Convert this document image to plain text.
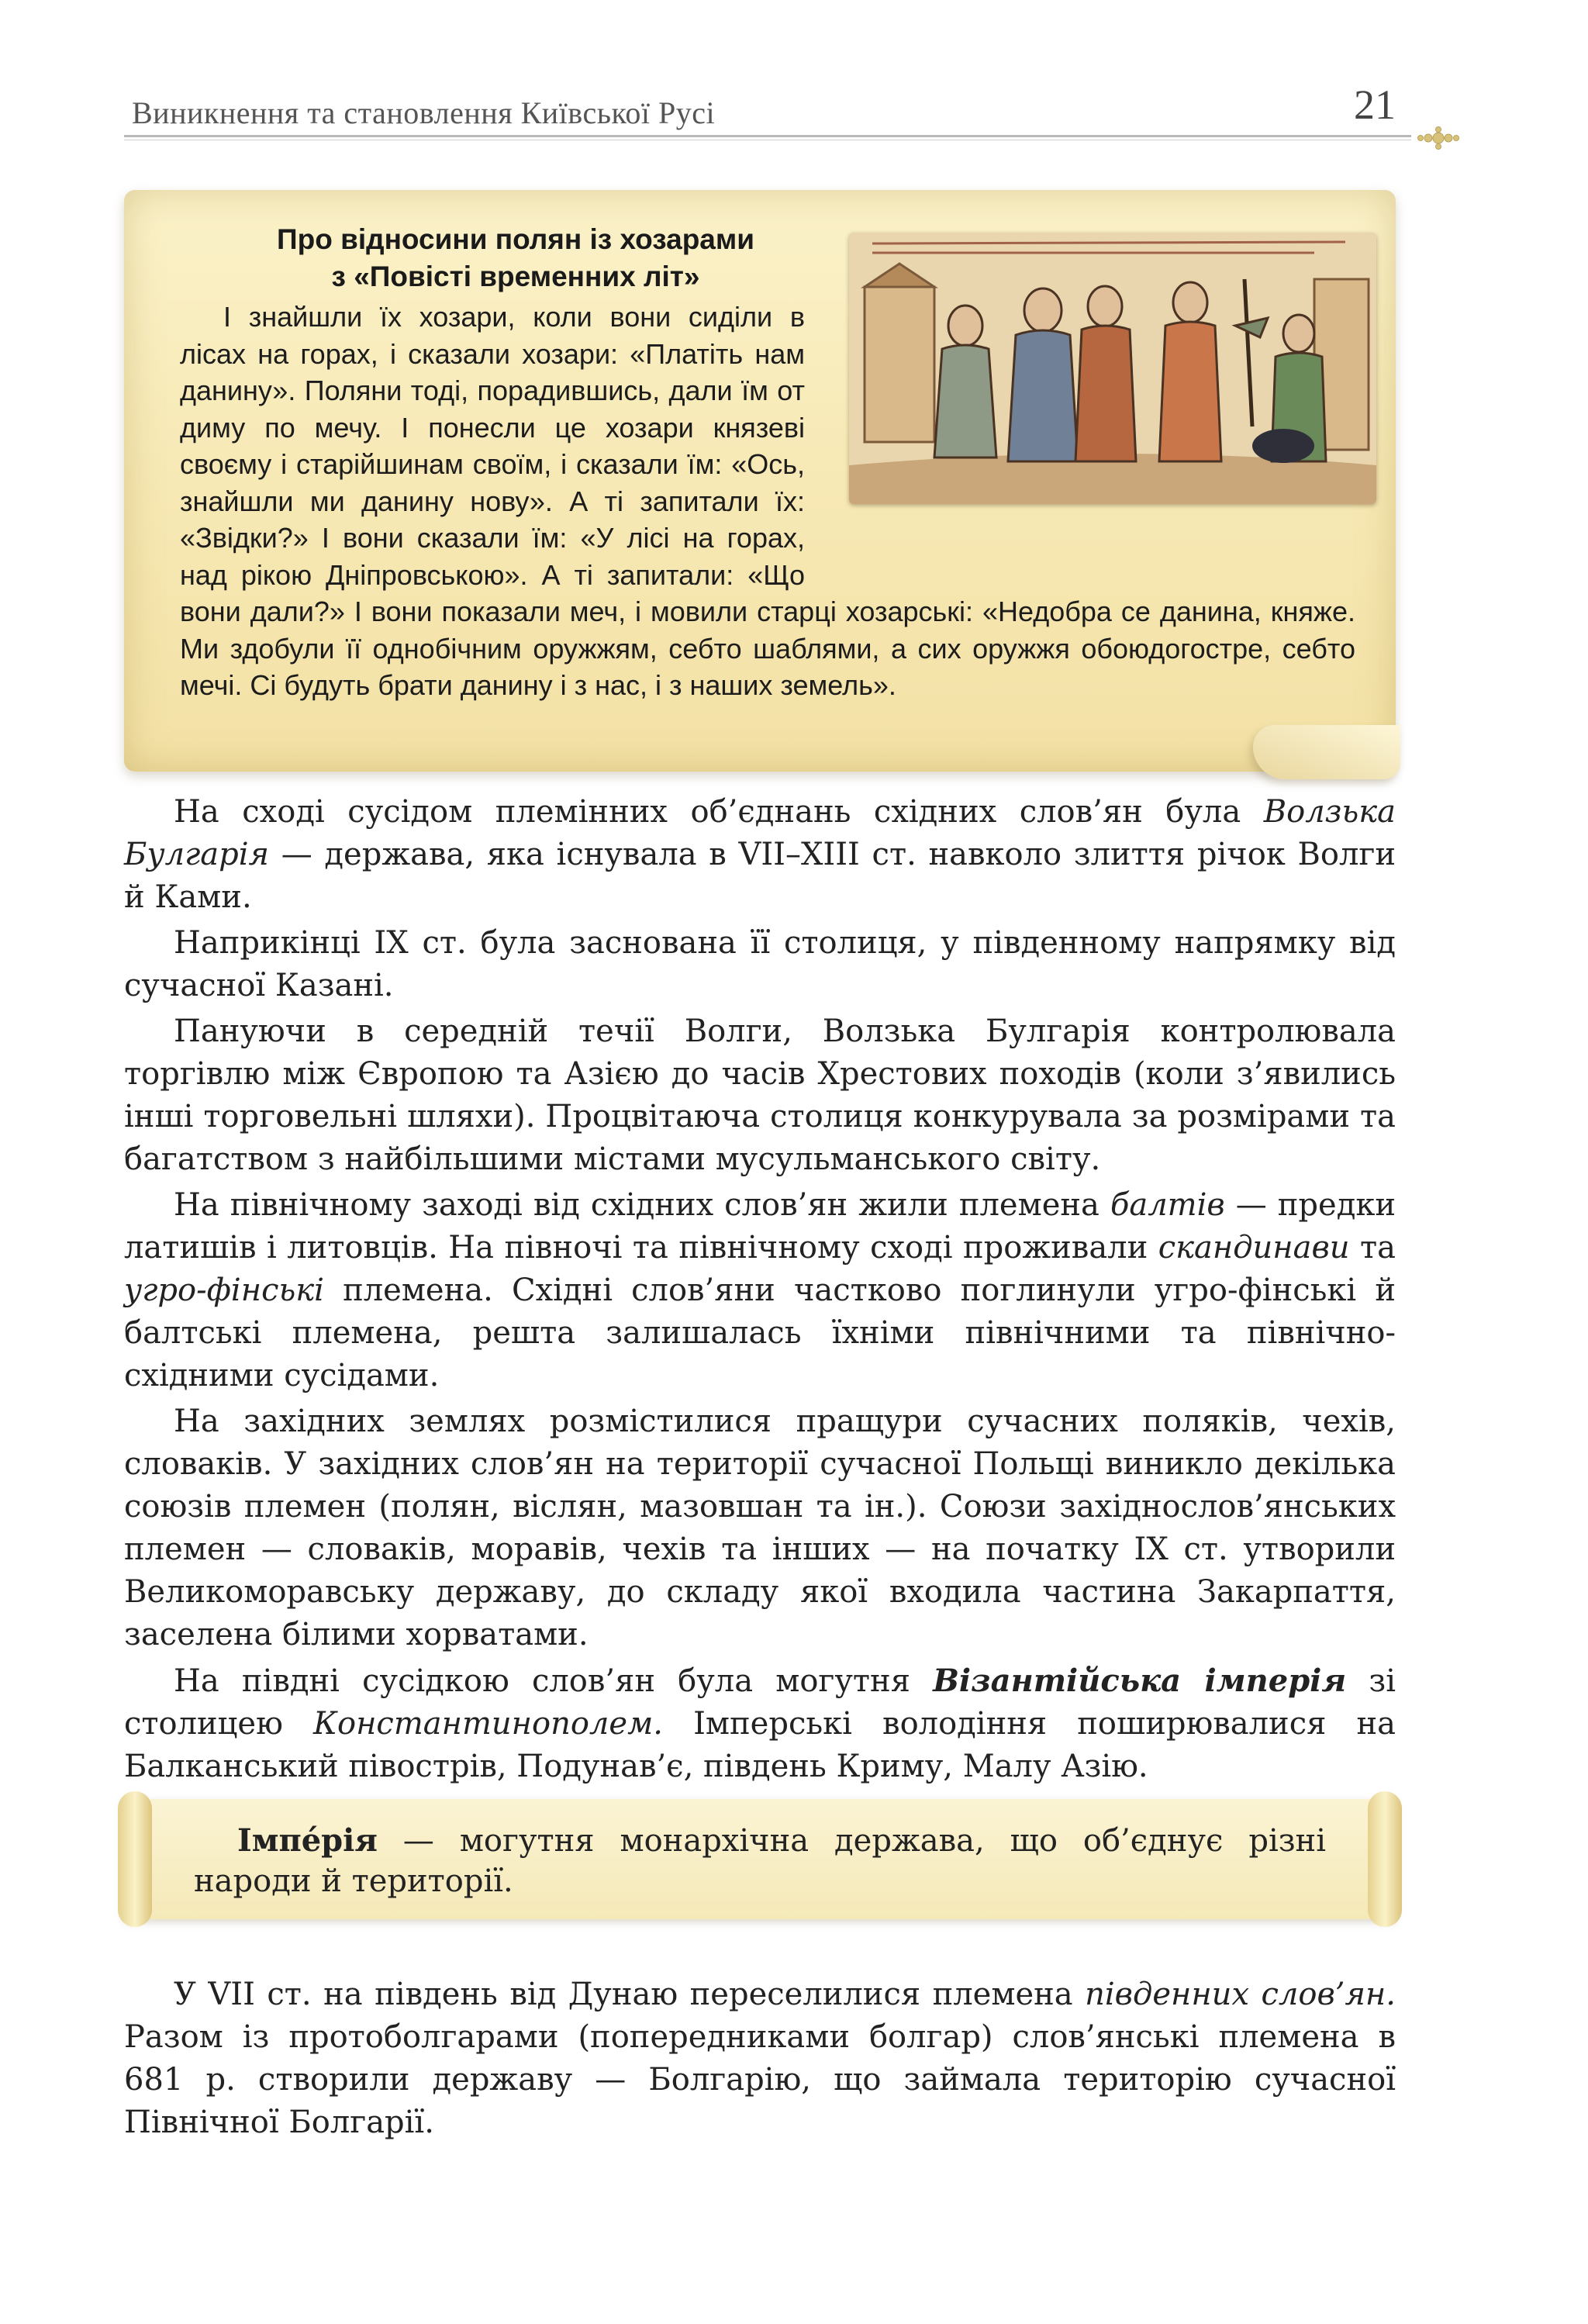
Виникнення та становлення Київської Русі	21
Про відносини полян із хозарами
з «Повісті временних літ»
І знайшли їх хозари, коли вони сиділи в лісах на горах, і сказали хозари: «Платіть нам данину». Поляни тоді, порадившись, дали їм от диму по мечу. І понесли це хозари князеві своєму і старійшинам своїм, і сказали їм: «Ось, знайшли ми данину нову». А ті запитали їх: «Звідки?» І вони сказали їм: «У лісі на горах, над рікою Дніпровською». А ті запитали: «Що вони дали?» І вони показали меч, і мовили старці хозарські: «Недобра се данина, княже. Ми здобули її однобічним оружжям, себто шаблями, а сих оружжя обоюдогостре, себто мечі. Сі будуть брати данину і з нас, і з наших земель».

На сході сусідом племінних об’єднань східних слов’ян була Волзька Булгарія — держава, яка існувала в VII–XIII ст. навколо злиття річок Волги й Ками.

Наприкінці IX ст. була заснована її столиця, у південному напрямку від сучасної Казані.

Пануючи в середній течії Волги, Волзька Булгарія контролювала торгівлю між Європою та Азією до часів Хрестових походів (коли з’явились інші торговельні шляхи). Процвітаюча столиця конкурувала за розмірами та багатством з найбільшими містами мусульманського світу.

На північному заході від східних слов’ян жили племена балтів — предки латишів і литовців. На півночі та північному сході проживали скандинави та угро-фінські племена. Східні слов’яни частково поглинули угро-фінські й балтські племена, решта залишалась їхніми північними та північно-східними сусідами.

На західних землях розмістилися пращури сучасних поляків, чехів, словаків. У західних слов’ян на території сучасної Польщі виникло декілька союзів племен (полян, віслян, мазовшан та ін.). Союзи західнослов’янських племен — словаків, моравів, чехів та інших — на початку IX ст. утворили Великоморавську державу, до складу якої входила частина Закарпаття, заселена білими хорватами.

На півдні сусідкою слов’ян була могутня Візантійська імперія зі столицею Константинополем. Імперські володіння поширювалися на Балканський півострів, Подунав’є, південь Криму, Малу Азію.

Імпе́рія — могутня монархічна держава, що об’єднує різні народи й території.

У VII ст. на південь від Дунаю переселилися племена південних слов’ян. Разом із протоболгарами (попередниками болгар) слов’янські племена в 681 р. створили державу — Болгарію, що займала територію сучасної Північної Болгарії.
